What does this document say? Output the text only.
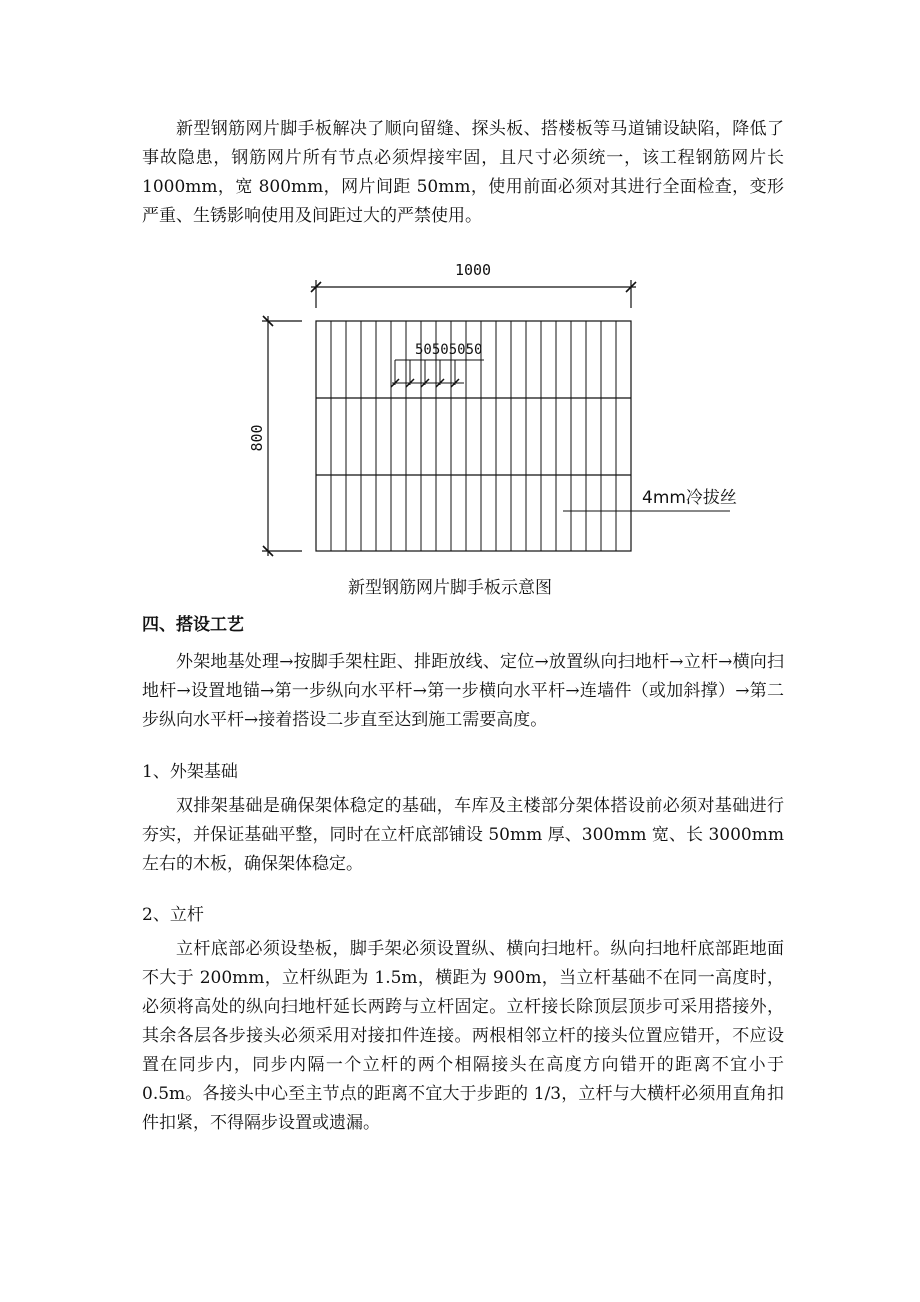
新型钢筋网片脚手板解决了顺向留缝、探头板、搭楼板等马道铺设缺陷，降低了事故隐患，钢筋网片所有节点必须焊接牢固，且尺寸必须统一，该工程钢筋网片长 1000mm，宽 800mm，网片间距 50mm，使用前面必须对其进行全面检查，变形严重、生锈影响使用及间距过大的严禁使用。

1000
800
50505050
4mm冷拔丝
新型钢筋网片脚手板示意图

四、搭设工艺

外架地基处理→按脚手架柱距、排距放线、定位→放置纵向扫地杆→立杆→横向扫地杆→设置地锚→第一步纵向水平杆→第一步横向水平杆→连墙件（或加斜撑）→第二步纵向水平杆→接着搭设二步直至达到施工需要高度。

1、外架基础

双排架基础是确保架体稳定的基础，车库及主楼部分架体搭设前必须对基础进行夯实，并保证基础平整，同时在立杆底部铺设 50mm 厚、300mm 宽、长 3000mm 左右的木板，确保架体稳定。

2、立杆

立杆底部必须设垫板，脚手架必须设置纵、横向扫地杆。纵向扫地杆底部距地面不大于 200mm，立杆纵距为 1.5m，横距为 900m，当立杆基础不在同一高度时，必须将高处的纵向扫地杆延长两跨与立杆固定。立杆接长除顶层顶步可采用搭接外，其余各层各步接头必须采用对接扣件连接。两根相邻立杆的接头位置应错开，不应设置在同步内，同步内隔一个立杆的两个相隔接头在高度方向错开的距离不宜小于 0.5m。各接头中心至主节点的距离不宜大于步距的 1/3，立杆与大横杆必须用直角扣件扣紧，不得隔步设置或遗漏。
